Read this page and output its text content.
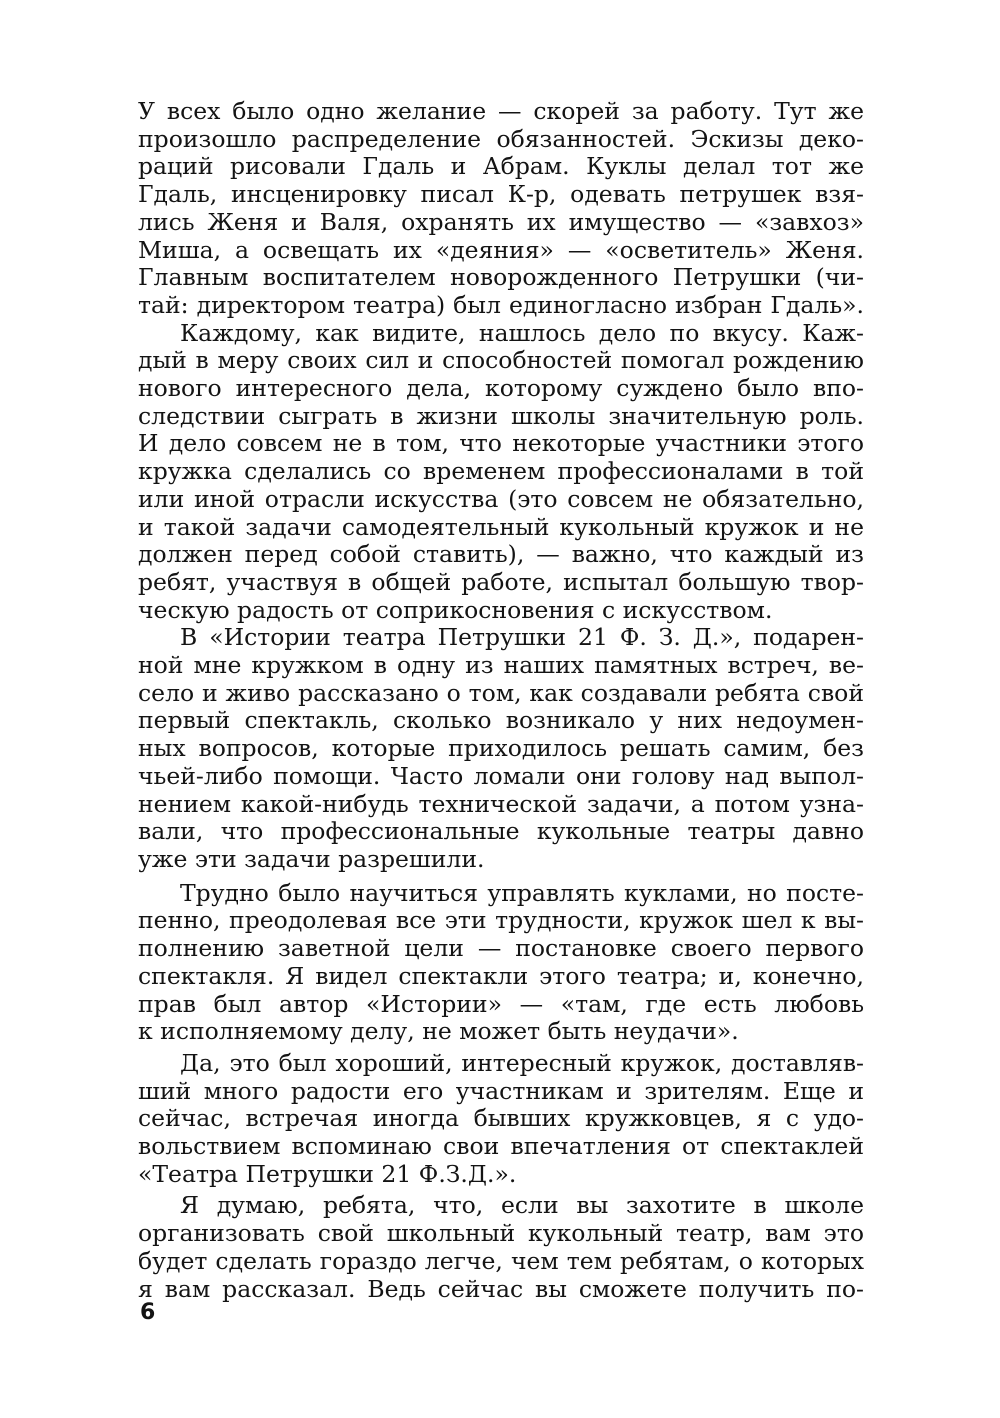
У всех было одно желание — скорей за работу. Тут же
произошло распределение обязанностей. Эскизы деко-
раций рисовали Гдаль и Абрам. Куклы делал тот же
Гдаль, инсценировку писал К-р, одевать петрушек взя-
лись Женя и Валя, охранять их имущество — «завхоз»
Миша, а освещать их «деяния» — «осветитель» Женя.
Главным воспитателем новорожденного Петрушки (чи-
тай: директором театра) был единогласно избран Гдаль».

Каждому, как видите, нашлось дело по вкусу. Каж-
дый в меру своих сил и способностей помогал рождению
нового интересного дела, которому суждено было впо-
следствии сыграть в жизни школы значительную роль.
И дело совсем не в том, что некоторые участники этого
кружка сделались со временем профессионалами в той
или иной отрасли искусства (это совсем не обязательно,
и такой задачи самодеятельный кукольный кружок и не
должен перед собой ставить), — важно, что каждый из
ребят, участвуя в общей работе, испытал большую твор-
ческую радость от соприкосновения с искусством.

В «Истории театра Петрушки 21 Ф. З. Д.», подарен-
ной мне кружком в одну из наших памятных встреч, ве-
село и живо рассказано о том, как создавали ребята свой
первый спектакль, сколько возникало у них недоумен-
ных вопросов, которые приходилось решать самим, без
чьей-либо помощи. Часто ломали они голову над выпол-
нением какой-нибудь технической задачи, а потом узна-
вали, что профессиональные кукольные театры давно
уже эти задачи разрешили.

Трудно было научиться управлять куклами, но посте-
пенно, преодолевая все эти трудности, кружок шел к вы-
полнению заветной цели — постановке своего первого
спектакля. Я видел спектакли этого театра; и, конечно,
прав был автор «Истории» — «там, где есть любовь
к исполняемому делу, не может быть неудачи».

Да, это был хороший, интересный кружок, доставляв-
ший много радости его участникам и зрителям. Еще и
сейчас, встречая иногда бывших кружковцев, я с удо-
вольствием вспоминаю свои впечатления от спектаклей
«Театра Петрушки 21 Ф.З.Д.».

Я думаю, ребята, что, если вы захотите в школе
организовать свой школьный кукольный театр, вам это
будет сделать гораздо легче, чем тем ребятам, о которых
я вам рассказал. Ведь сейчас вы сможете получить по-

6
